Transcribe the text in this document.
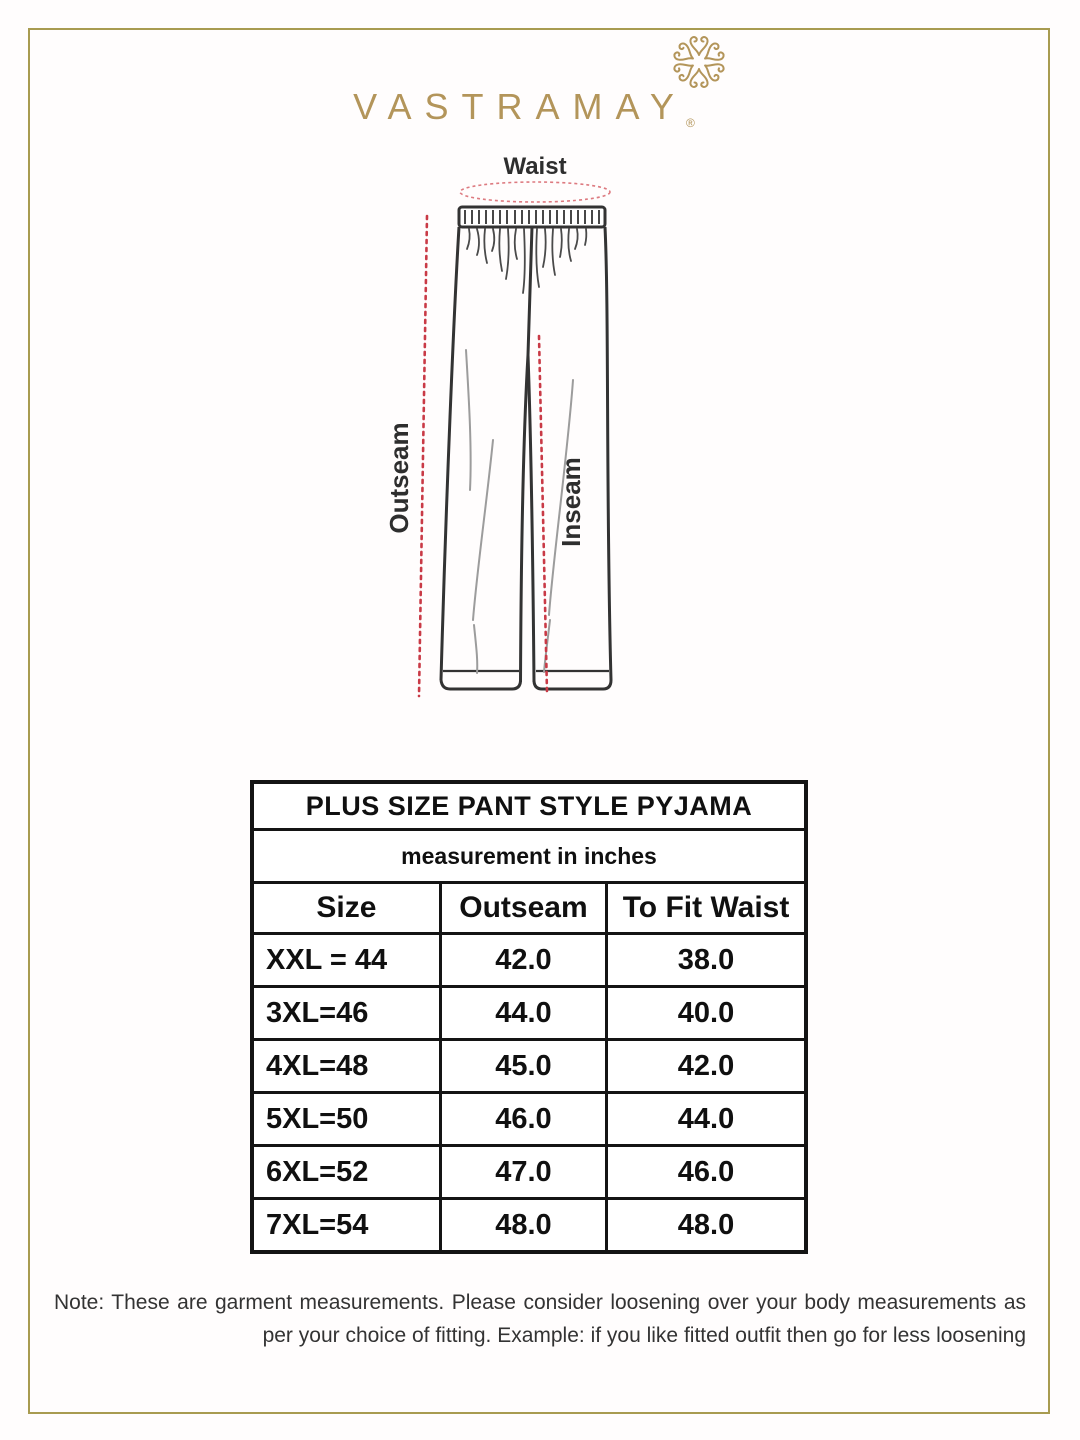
VASTRAMAY ®
Waist
Outseam	Inseam
PLUS SIZE PANT STYLE PYJAMA		
measurement in inches		
Size	Outseam	To Fit Waist
XXL = 44	42.0	38.0
3XL=46	44.0	40.0
4XL=48	45.0	42.0
5XL=50	46.0	44.0
6XL=52	47.0	46.0
7XL=54	48.0	48.0

Note: These are garment measurements. Please consider loosening over your body measurements as per your choice of fitting. Example: if you like fitted outfit then go for less loosening
